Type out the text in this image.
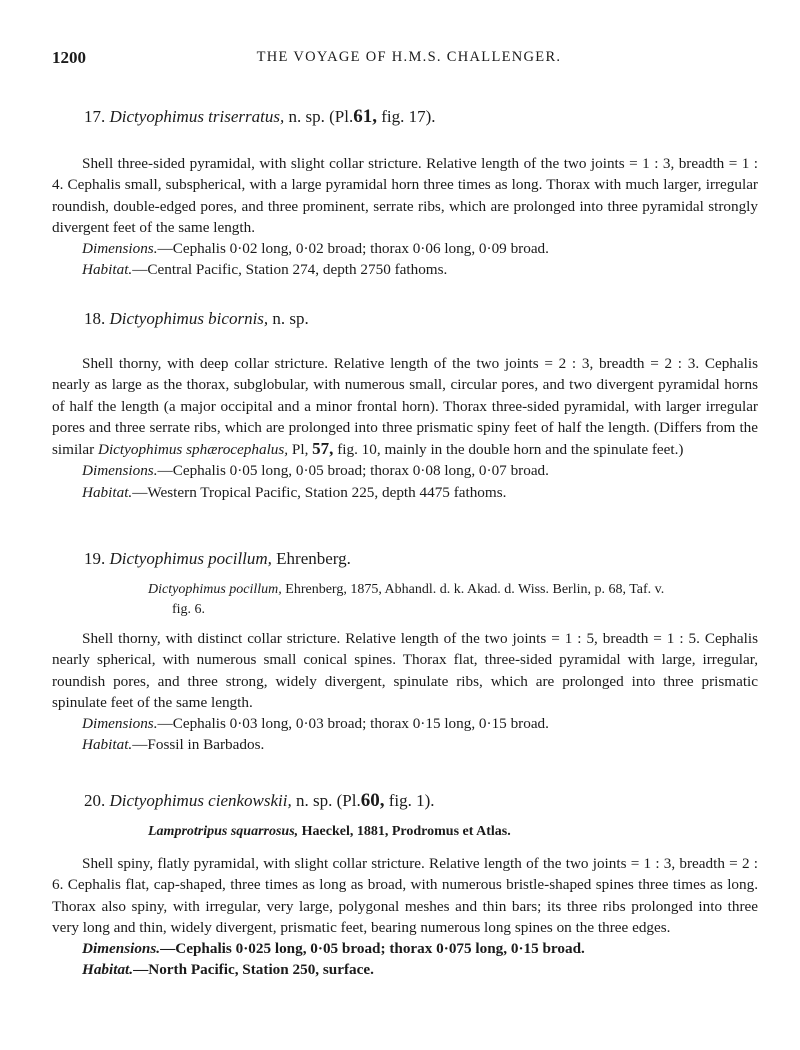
1200	THE VOYAGE OF H.M.S. CHALLENGER.

17. Dictyophimus triserratus, n. sp. (Pl.61, fig. 17).

Shell three-sided pyramidal, with slight collar stricture. Relative length of the two joints = 1 : 3, breadth = 1 : 4. Cephalis small, subspherical, with a large pyramidal horn three times as long. Thorax with much larger, irregular roundish, double-edged pores, and three prominent, serrate ribs, which are prolonged into three pyramidal strongly divergent feet of the same length.

Dimensions.—Cephalis 0·02 long, 0·02 broad; thorax 0·06 long, 0·09 broad.

Habitat.—Central Pacific, Station 274, depth 2750 fathoms.

18. Dictyophimus bicornis, n. sp.

Shell thorny, with deep collar stricture. Relative length of the two joints = 2 : 3, breadth = 2 : 3. Cephalis nearly as large as the thorax, subglobular, with numerous small, circular pores, and two divergent pyramidal horns of half the length (a major occipital and a minor frontal horn). Thorax three-sided pyramidal, with larger irregular pores and three serrate ribs, which are prolonged into three prismatic spiny feet of half the length. (Differs from the similar Dictyophimus sphærocephalus, Pl, 57, fig. 10, mainly in the double horn and the spinulate feet.)

Dimensions.—Cephalis 0·05 long, 0·05 broad; thorax 0·08 long, 0·07 broad.

Habitat.—Western Tropical Pacific, Station 225, depth 4475 fathoms.

19. Dictyophimus pocillum, Ehrenberg.

Dictyophimus pocillum, Ehrenberg, 1875, Abhandl. d. k. Akad. d. Wiss. Berlin, p. 68, Taf. v.

fig. 6.

Shell thorny, with distinct collar stricture. Relative length of the two joints = 1 : 5, breadth = 1 : 5. Cephalis nearly spherical, with numerous small conical spines. Thorax flat, three-sided pyramidal with large, irregular, roundish pores, and three strong, widely divergent, spinulate ribs, which are prolonged into three prismatic spinulate feet of the same length.

Dimensions.—Cephalis 0·03 long, 0·03 broad; thorax 0·15 long, 0·15 broad.

Habitat.—Fossil in Barbados.

20. Dictyophimus cienkowskii, n. sp. (Pl.60, fig. 1).

Lamprotripus squarrosus, Haeckel, 1881, Prodromus et Atlas.

Shell spiny, flatly pyramidal, with slight collar stricture. Relative length of the two joints = 1 : 3, breadth = 2 : 6. Cephalis flat, cap-shaped, three times as long as broad, with numerous bristle-shaped spines three times as long. Thorax also spiny, with irregular, very large, polygonal meshes and thin bars; its three ribs prolonged into three very long and thin, widely divergent, prismatic feet, bearing numerous long spines on the three edges.

Dimensions.—Cephalis 0·025 long, 0·05 broad; thorax 0·075 long, 0·15 broad.

Habitat.—North Pacific, Station 250, surface.
